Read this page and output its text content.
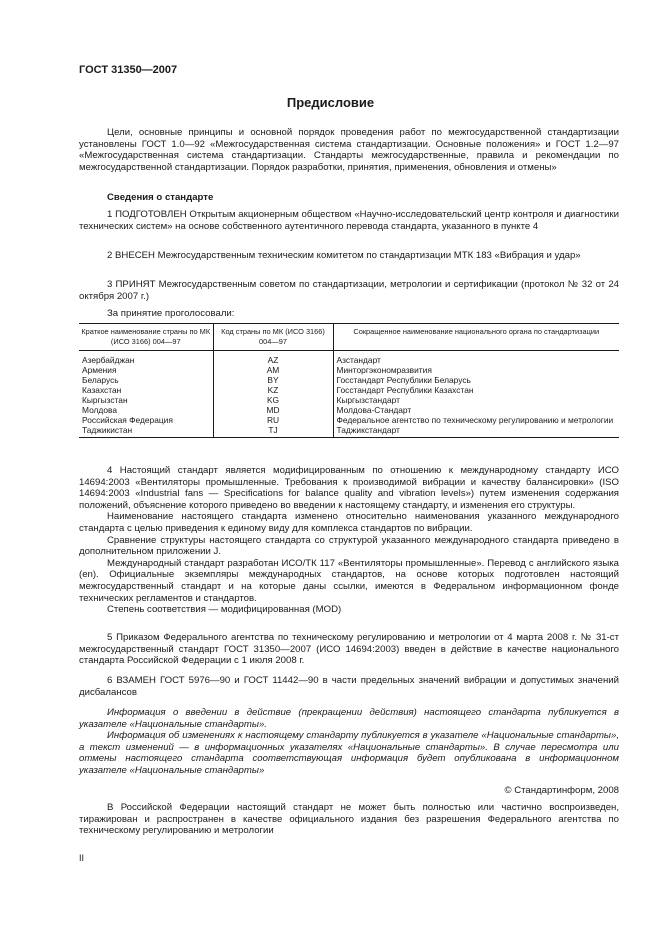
ГОСТ 31350—2007
Предисловие

Цели, основные принципы и основной порядок проведения работ по межгосударственной стандартизации установлены ГОСТ 1.0—92 «Межгосударственная система стандартизации. Основные положения» и ГОСТ 1.2—97 «Межгосударственная система стандартизации. Стандарты межгосударственные, правила и рекомендации по межгосударственной стандартизации. Порядок разработки, принятия, применения, обновления и отмены»

Сведения о стандарте

1 ПОДГОТОВЛЕН Открытым акционерным обществом «Научно-исследовательский центр контроля и диагностики технических систем» на основе собственного аутентичного перевода стандарта, указанного в пункте 4

2 ВНЕСЕН Межгосударственным техническим комитетом по стандартизации МТК 183 «Вибрация и удар»

3 ПРИНЯТ Межгосударственным советом по стандартизации, метрологии и сертификации (протокол № 32 от 24 октября 2007 г.)

За принятие проголосовали:

Краткое наименование страны по МК (ИСО 3166) 004—97	Код страны по МК (ИСО 3166) 004—97	Сокращенное наименование национального органа по стандартизации
Азербайджан	AZ	Азстандарт
Армения	AM	Минторгэкономразвития
Беларусь	BY	Госстандарт Республики Беларусь
Казахстан	KZ	Госстандарт Республики Казахстан
Кыргызстан	KG	Кыргызстандарт
Молдова	MD	Молдова-Стандарт
Российская Федерация	RU	Федеральное агентство по техническому регулированию и метрологии
Таджикистан	TJ	Таджикстандарт

4 Настоящий стандарт является модифицированным по отношению к международному стандарту ИСО 14694:2003 «Вентиляторы промышленные. Требования к производимой вибрации и качеству балансировки» (ISO 14694:2003 «Industrial fans — Specifications for balance quality and vibration levels») путем изменения содержания положений, объяснение которого приведено во введении к настоящему стандарту, и изменения его структуры.

Наименование настоящего стандарта изменено относительно наименования указанного международного стандарта с целью приведения к единому виду для комплекса стандартов по вибрации.

Сравнение структуры настоящего стандарта со структурой указанного международного стандарта приведено в дополнительном приложении J.

Международный стандарт разработан ИСО/ТК 117 «Вентиляторы промышленные». Перевод с английского языка (en). Официальные экземпляры международных стандартов, на основе которых подготовлен настоящий межгосударственный стандарт и на которые даны ссылки, имеются в Федеральном информационном фонде технических регламентов и стандартов.

Степень соответствия — модифицированная (MOD)

5 Приказом Федерального агентства по техническому регулированию и метрологии от 4 марта 2008 г. № 31-ст межгосударственный стандарт ГОСТ 31350—2007 (ИСО 14694:2003) введен в действие в качестве национального стандарта Российской Федерации с 1 июля 2008 г.

6 ВЗАМЕН ГОСТ 5976—90 и ГОСТ 11442—90 в части предельных значений вибрации и допустимых значений дисбалансов

Информация о введении в действие (прекращении действия) настоящего стандарта публикуется в указателе «Национальные стандарты».

Информация об изменениях к настоящему стандарту публикуется в указателе «Национальные стандарты», а текст изменений — в информационных указателях «Национальные стандарты». В случае пересмотра или отмены настоящего стандарта соответствующая информация будет опубликована в информационном указателе «Национальные стандарты»

© Стандартинформ, 2008

В Российской Федерации настоящий стандарт не может быть полностью или частично воспроизведен, тиражирован и распространен в качестве официального издания без разрешения Федерального агентства по техническому регулированию и метрологии

II
